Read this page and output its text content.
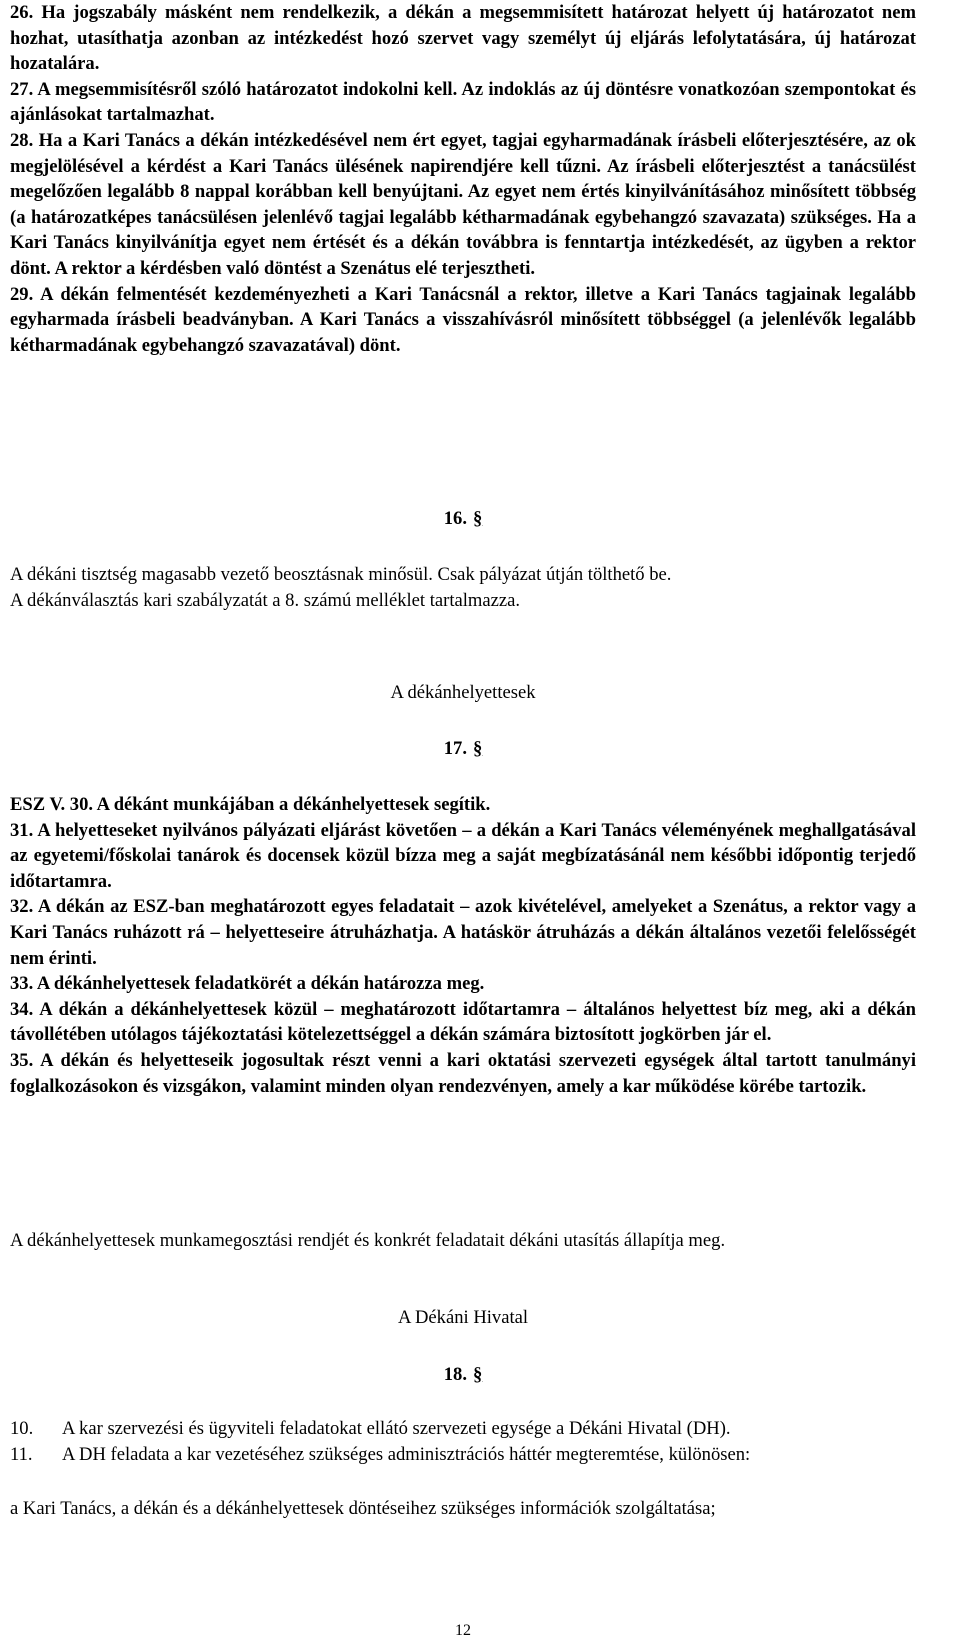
26. Ha jogszabály másként nem rendelkezik, a dékán a megsemmisített határozat helyett új határozatot nem hozhat, utasíthatja azonban az intézkedést hozó szervet vagy személyt új eljárás lefolytatására, új határozat hozatalára.

27. A megsemmisítésről szóló határozatot indokolni kell. Az indoklás az új döntésre vonatkozóan szempontokat és ajánlásokat tartalmazhat.

28. Ha a Kari Tanács a dékán intézkedésével nem ért egyet, tagjai egyharmadának írásbeli előterjesztésére, az ok megjelölésével a kérdést a Kari Tanács ülésének napirendjére kell tűzni. Az írásbeli előterjesztést a tanácsülést megelőzően legalább 8 nappal korábban kell benyújtani. Az egyet nem értés kinyilvánításához minősített többség (a határozatképes tanácsülésen jelenlévő tagjai legalább kétharmadának egybehangzó szavazata) szükséges. Ha a Kari Tanács kinyilvánítja egyet nem értését és a dékán továbbra is fenntartja intézkedését, az ügyben a rektor dönt. A rektor a kérdésben való döntést a Szenátus elé terjesztheti.

29. A dékán felmentését kezdeményezheti a Kari Tanácsnál a rektor, illetve a Kari Tanács tagjainak legalább egyharmada írásbeli beadványban. A Kari Tanács a visszahívásról minősített többséggel (a jelenlévők legalább kétharmadának egybehangzó szavazatával) dönt.

16. §

A dékáni tisztség magasabb vezető beosztásnak minősül. Csak pályázat útján tölthető be.

A dékánválasztás kari szabályzatát a 8. számú melléklet tartalmazza.

A dékánhelyettesek

17. §

ESZ V. 30. A dékánt munkájában a dékánhelyettesek segítik.

31. A helyetteseket nyilvános pályázati eljárást követően – a dékán a Kari Tanács véleményének meghallgatásával az egyetemi/főskolai tanárok és docensek közül bízza meg a saját megbízatásánál nem későbbi időpontig terjedő időtartamra.

32. A dékán az ESZ-ban meghatározott egyes feladatait – azok kivételével, amelyeket a Szenátus, a rektor vagy a Kari Tanács ruházott rá – helyetteseire átruházhatja. A hatáskör átruházás a dékán általános vezetői felelősségét nem érinti.

33. A dékánhelyettesek feladatkörét a dékán határozza meg.

34. A dékán a dékánhelyettesek közül – meghatározott időtartamra – általános helyettest bíz meg, aki a dékán távollétében utólagos tájékoztatási kötelezettséggel a dékán számára biztosított jogkörben jár el.

35. A dékán és helyetteseik jogosultak részt venni a kari oktatási szervezeti egységek által tartott tanulmányi foglalkozásokon és vizsgákon, valamint minden olyan rendezvényen, amely a kar működése körébe tartozik.

A dékánhelyettesek munkamegosztási rendjét és konkrét feladatait dékáni utasítás állapítja meg.

A Dékáni Hivatal

18. §

10. A kar szervezési és ügyviteli feladatokat ellátó szervezeti egysége a Dékáni Hivatal (DH).
11. A DH feladata a kar vezetéséhez szükséges adminisztrációs háttér megteremtése, különösen:

a Kari Tanács, a dékán és a dékánhelyettesek döntéseihez szükséges információk szolgáltatása;

12
